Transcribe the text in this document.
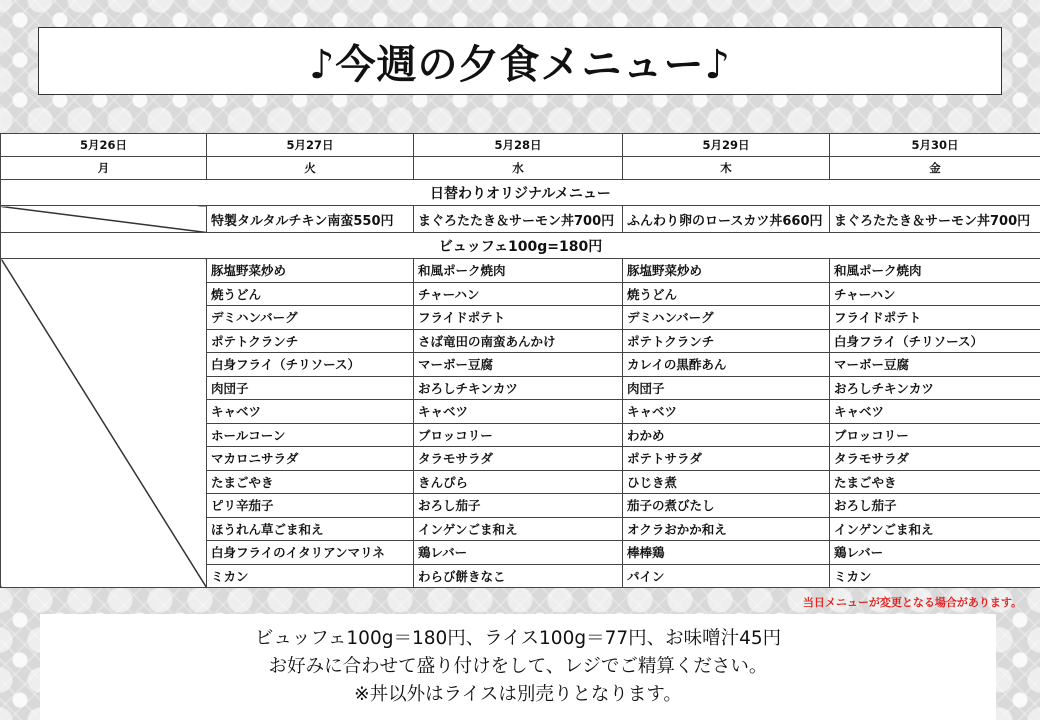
♪今週の夕食メニュー♪
5月26日	5月27日	5月28日	5月29日	5月30日
月	火	水	木	金
日替わりオリジナルメニュー				
	特製タルタルチキン南蛮550円	まぐろたたき＆サーモン丼700円	ふんわり卵のロースカツ丼660円	まぐろたたき＆サーモン丼700円
ビュッフェ100g=180円				
	豚塩野菜炒め	和風ポーク焼肉	豚塩野菜炒め	和風ポーク焼肉
	焼うどん	チャーハン	焼うどん	チャーハン
	デミハンバーグ	フライドポテト	デミハンバーグ	フライドポテト
	ポテトクランチ	さば竜田の南蛮あんかけ	ポテトクランチ	白身フライ（チリソース）
	白身フライ（チリソース）	マーボー豆腐	カレイの黒酢あん	マーボー豆腐
	肉団子	おろしチキンカツ	肉団子	おろしチキンカツ
	キャベツ	キャベツ	キャベツ	キャベツ
	ホールコーン	ブロッコリー	わかめ	ブロッコリー
	マカロニサラダ	タラモサラダ	ポテトサラダ	タラモサラダ
	たまごやき	きんぴら	ひじき煮	たまごやき
	ピリ辛茄子	おろし茄子	茄子の煮びたし	おろし茄子
	ほうれん草ごま和え	インゲンごま和え	オクラおかか和え	インゲンごま和え
	白身フライのイタリアンマリネ	鶏レバー	棒棒鶏	鶏レバー
	ミカン	わらび餅きなこ	パイン	ミカン
当日メニューが変更となる場合があります。
ビュッフェ100g＝180円、ライス100g＝77円、お味噌汁45円
お好みに合わせて盛り付けをして、レジでご精算ください。
※丼以外はライスは別売りとなります。
